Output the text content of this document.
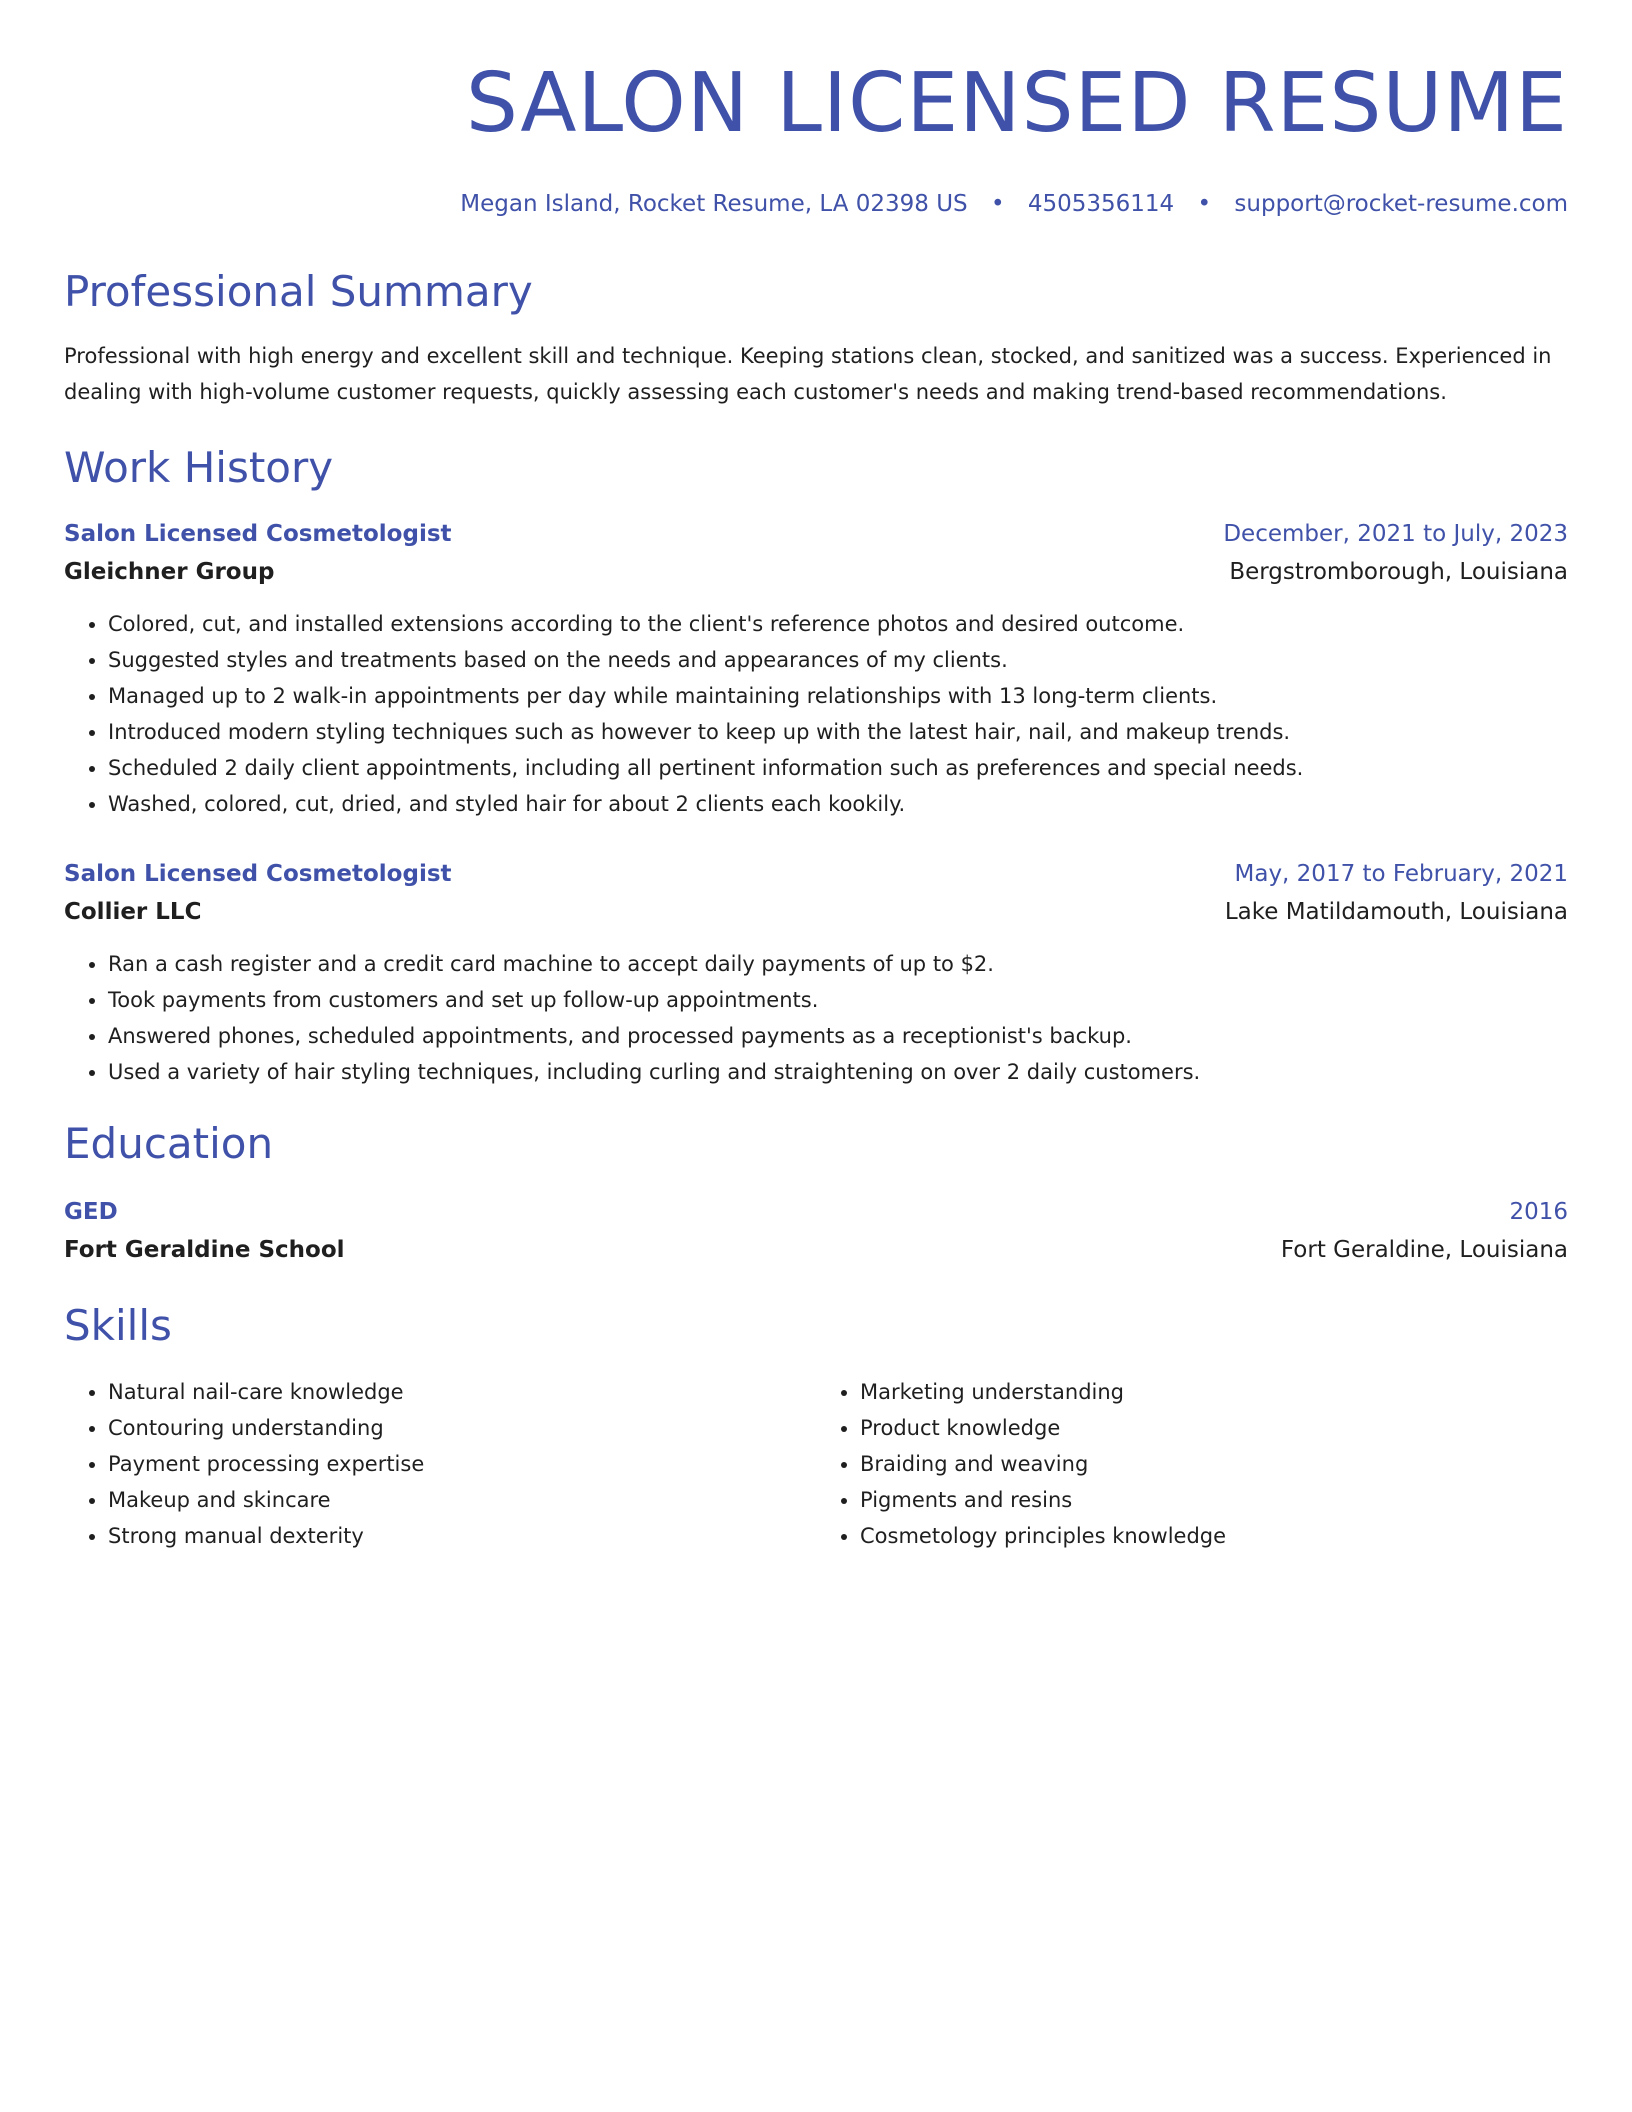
SALON LICENSED RESUME
Megan Island, Rocket Resume, LA 02398 US • 4505356114 • support@rocket-resume.com
Professional Summary

Professional with high energy and excellent skill and technique. Keeping stations clean, stocked, and sanitized was a success. Experienced in dealing with high-volume customer requests, quickly assessing each customer's needs and making trend-based recommendations.

Work History
Salon Licensed Cosmetologist	December, 2021 to July, 2023
Gleichner Group	Bergstromborough, Louisiana
• Colored, cut, and installed extensions according to the client's reference photos and desired outcome.
• Suggested styles and treatments based on the needs and appearances of my clients.
• Managed up to 2 walk-in appointments per day while maintaining relationships with 13 long-term clients.
• Introduced modern styling techniques such as however to keep up with the latest hair, nail, and makeup trends.
• Scheduled 2 daily client appointments, including all pertinent information such as preferences and special needs.
• Washed, colored, cut, dried, and styled hair for about 2 clients each kookily.
Salon Licensed Cosmetologist	May, 2017 to February, 2021
Collier LLC	Lake Matildamouth, Louisiana
• Ran a cash register and a credit card machine to accept daily payments of up to $2.
• Took payments from customers and set up follow-up appointments.
• Answered phones, scheduled appointments, and processed payments as a receptionist's backup.
• Used a variety of hair styling techniques, including curling and straightening on over 2 daily customers.
Education
GED	2016
Fort Geraldine School	Fort Geraldine, Louisiana
Skills
• Natural nail-care knowledge
• Contouring understanding
• Payment processing expertise
• Makeup and skincare
• Strong manual dexterity
• Marketing understanding
• Product knowledge
• Braiding and weaving
• Pigments and resins
• Cosmetology principles knowledge
